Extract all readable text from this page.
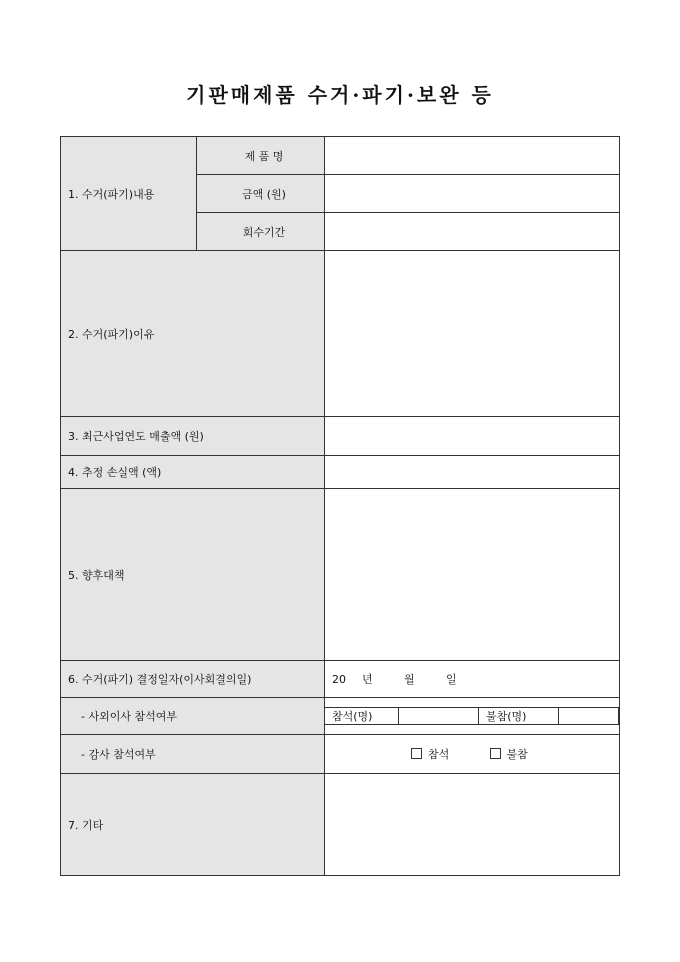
기판매제품 수거·파기·보완 등
1. 수거(파기)내용	제 품 명	
금액 (원)	
회수기간	
2. 수거(파기)이유	
3. 최근사업연도 매출액 (원)	
4. 추정 손실액 (액)	
5. 향후대책	
6. 수거(파기) 결정일자(이사회결의일)	20 년	월	일
- 사외이사 참석여부		참석(명)		불참(명)	

- 감사 참석여부	참석	불참
7. 기타	
